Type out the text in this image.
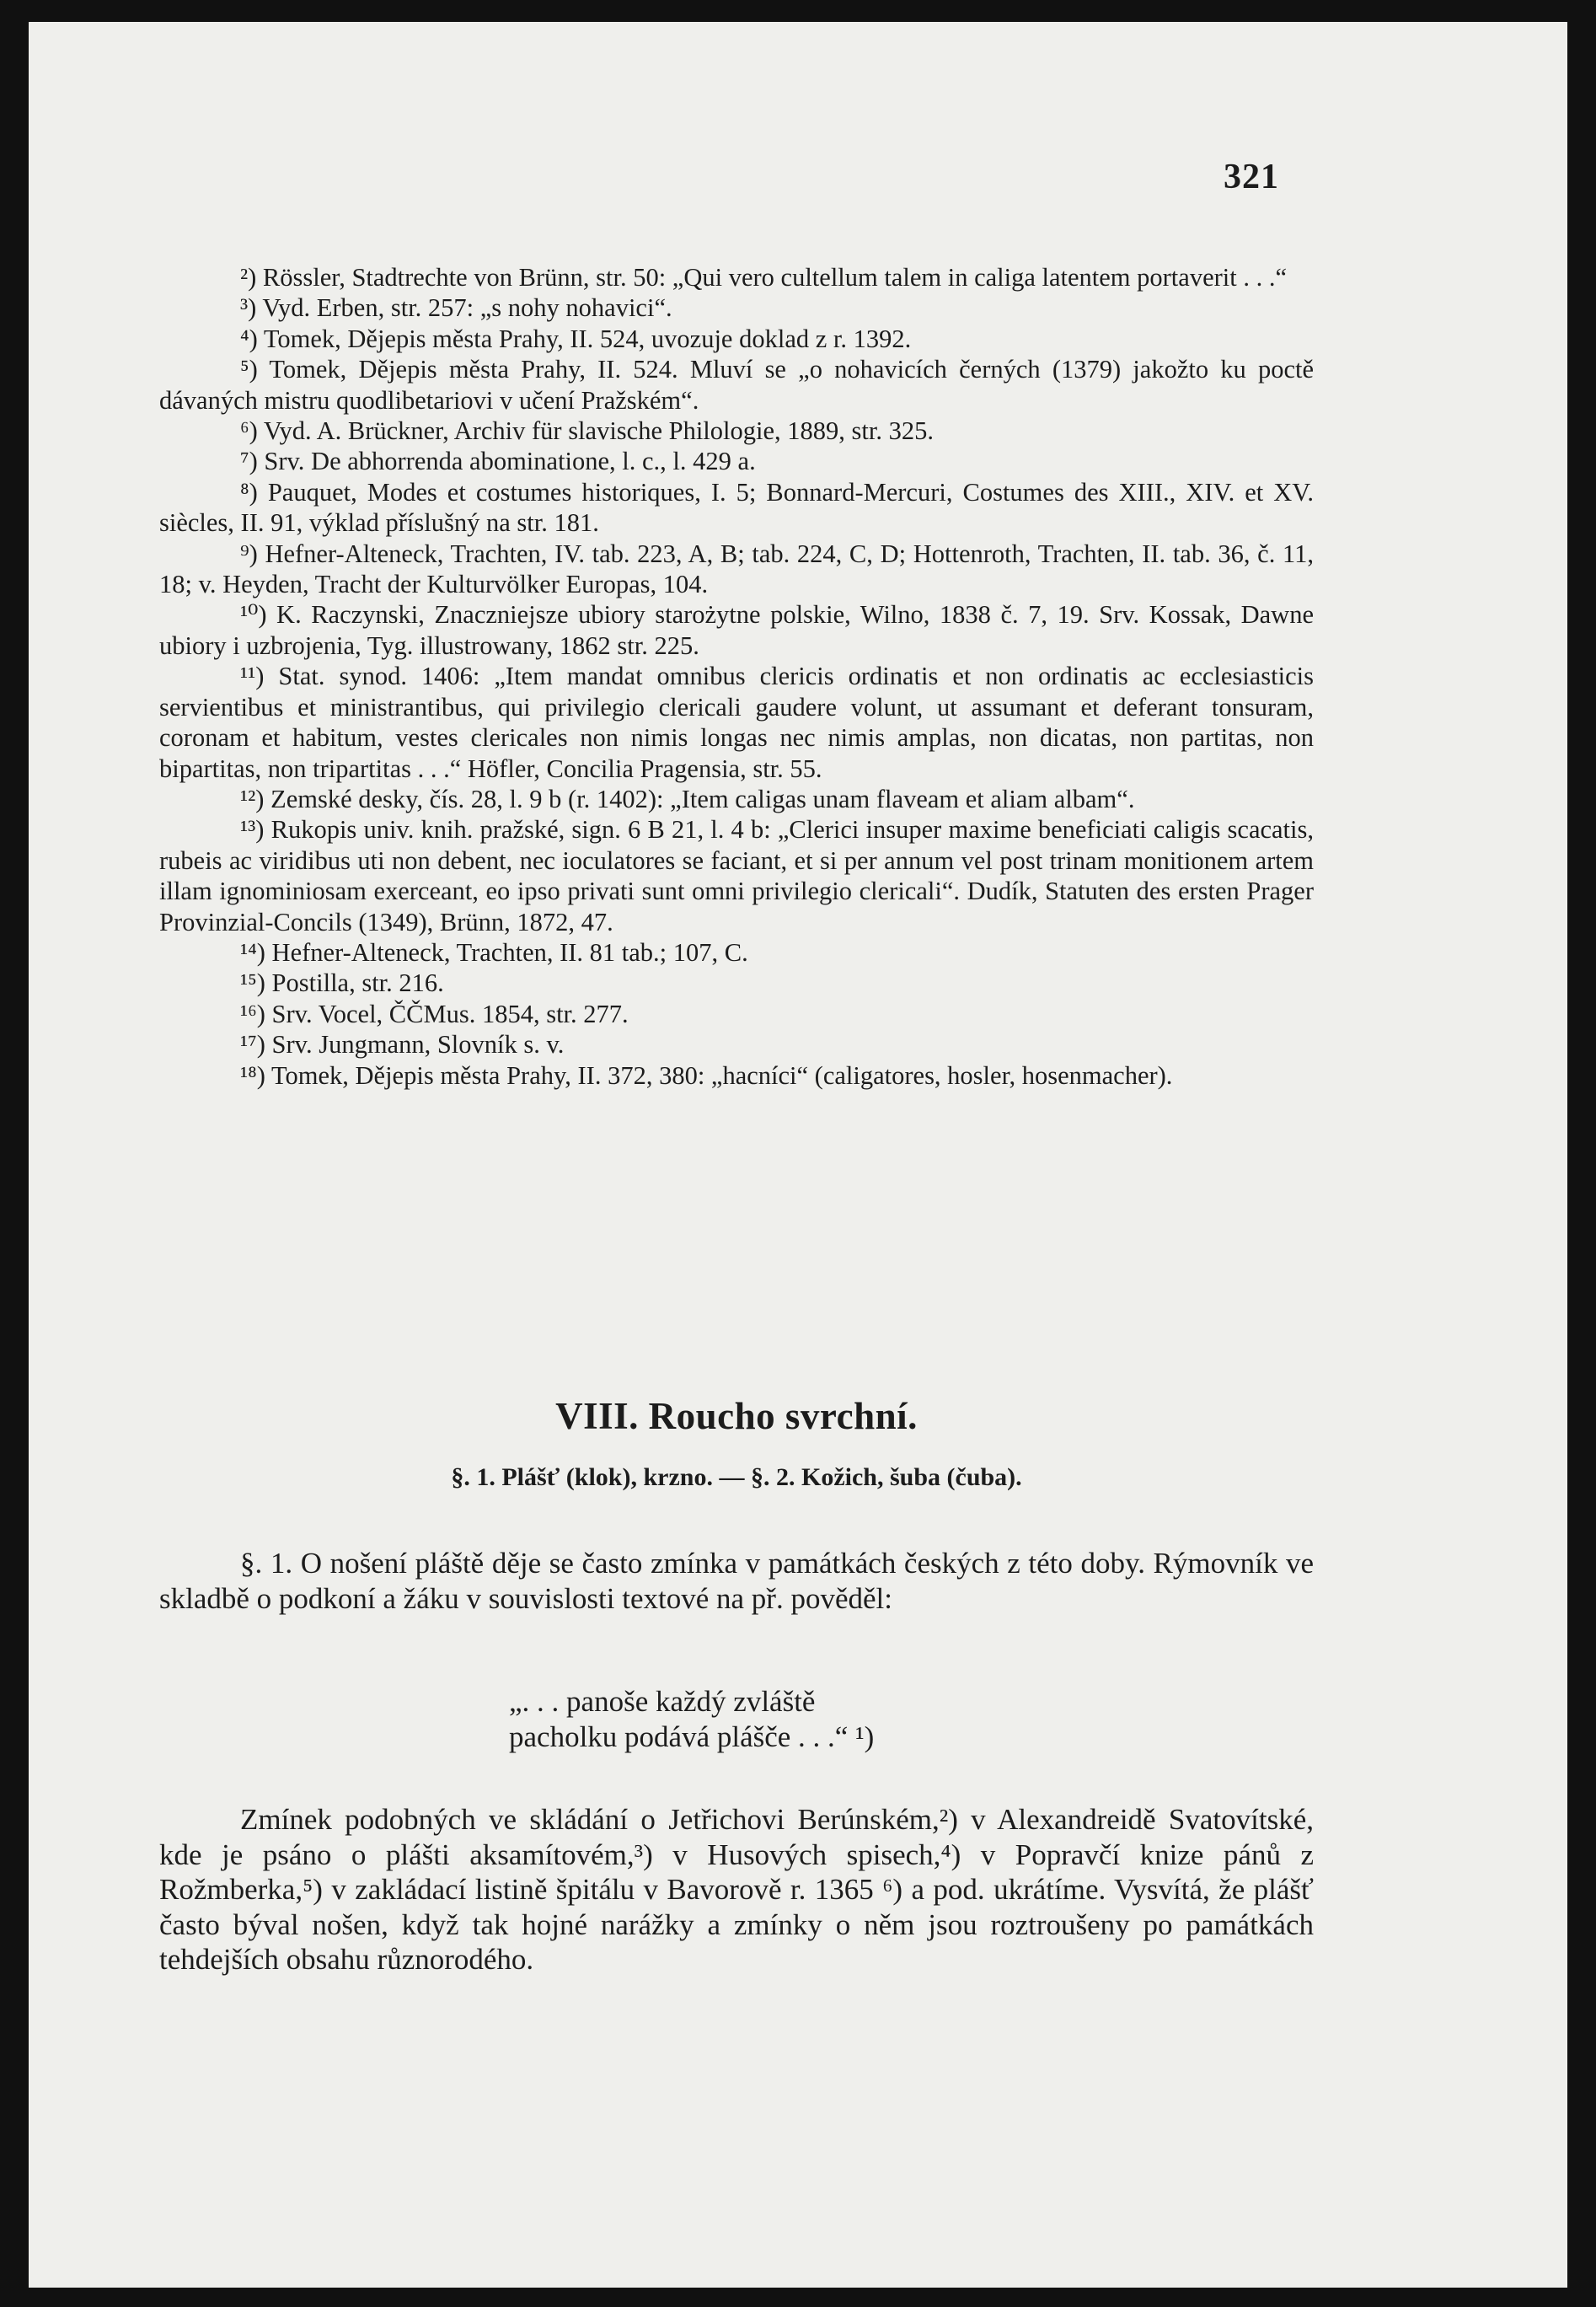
321

²) Rössler, Stadtrechte von Brünn, str. 50: „Qui vero cultellum talem in caliga latentem portaverit . . .“

³) Vyd. Erben, str. 257: „s nohy nohavici“.

⁴) Tomek, Dějepis města Prahy, II. 524, uvozuje doklad z r. 1392.

⁵) Tomek, Dějepis města Prahy, II. 524. Mluví se „o nohavicích černých (1379) jakožto ku poctě dávaných mistru quodlibetariovi v učení Pražském“.

⁶) Vyd. A. Brückner, Archiv für slavische Philologie, 1889, str. 325.

⁷) Srv. De abhorrenda abominatione, l. c., l. 429 a.

⁸) Pauquet, Modes et costumes historiques, I. 5; Bonnard-Mercuri, Costumes des XIII., XIV. et XV. siècles, II. 91, výklad příslušný na str. 181.

⁹) Hefner-Alteneck, Trachten, IV. tab. 223, A, B; tab. 224, C, D; Hottenroth, Trachten, II. tab. 36, č. 11, 18; v. Heyden, Tracht der Kulturvölker Europas, 104.

¹⁰) K. Raczynski, Znaczniejsze ubiory starożytne polskie, Wilno, 1838 č. 7, 19. Srv. Kossak, Dawne ubiory i uzbrojenia, Tyg. illustrowany, 1862 str. 225.

¹¹) Stat. synod. 1406: „Item mandat omnibus clericis ordinatis et non ordinatis ac ecclesiasticis servientibus et ministrantibus, qui privilegio clericali gaudere volunt, ut assumant et deferant tonsuram, coronam et habitum, vestes clericales non nimis longas nec nimis amplas, non dicatas, non partitas, non bipartitas, non tripartitas . . .“ Höfler, Concilia Pragensia, str. 55.

¹²) Zemské desky, čís. 28, l. 9 b (r. 1402): „Item caligas unam flaveam et aliam albam“.

¹³) Rukopis univ. knih. pražské, sign. 6 B 21, l. 4 b: „Clerici insuper maxime beneficiati caligis scacatis, rubeis ac viridibus uti non debent, nec ioculatores se faciant, et si per annum vel post trinam monitionem artem illam ignominiosam exerceant, eo ipso privati sunt omni privilegio clericali“. Dudík, Statuten des ersten Prager Provinzial-Concils (1349), Brünn, 1872, 47.

¹⁴) Hefner-Alteneck, Trachten, II. 81 tab.; 107, C.

¹⁵) Postilla, str. 216.

¹⁶) Srv. Vocel, ČČMus. 1854, str. 277.

¹⁷) Srv. Jungmann, Slovník s. v.

¹⁸) Tomek, Dějepis města Prahy, II. 372, 380: „hacníci“ (caligatores, hosler, hosenmacher).

VIII. Roucho svrchní.
§. 1. Plášť (klok), krzno. — §. 2. Kožich, šuba (čuba).

§. 1. O nošení pláště děje se často zmínka v památkách českých z této doby. Rýmovník ve skladbě o podkoní a žáku v souvislosti textové na př. pověděl:

„. . . panoše každý zvláště
pacholku podává plášče . . .“ ¹)

Zmínek podobných ve skládání o Jetřichovi Berúnském,²) v Alexandreidě Svatovítské, kde je psáno o plášti aksamítovém,³) v Husových spisech,⁴) v Popravčí knize pánů z Rožmberka,⁵) v zakládací listině špitálu v Bavorově r. 1365 ⁶) a pod. ukrátíme. Vysvítá, že plášť často býval nošen, když tak hojné narážky a zmínky o něm jsou roztroušeny po památkách tehdejších obsahu různorodého.
